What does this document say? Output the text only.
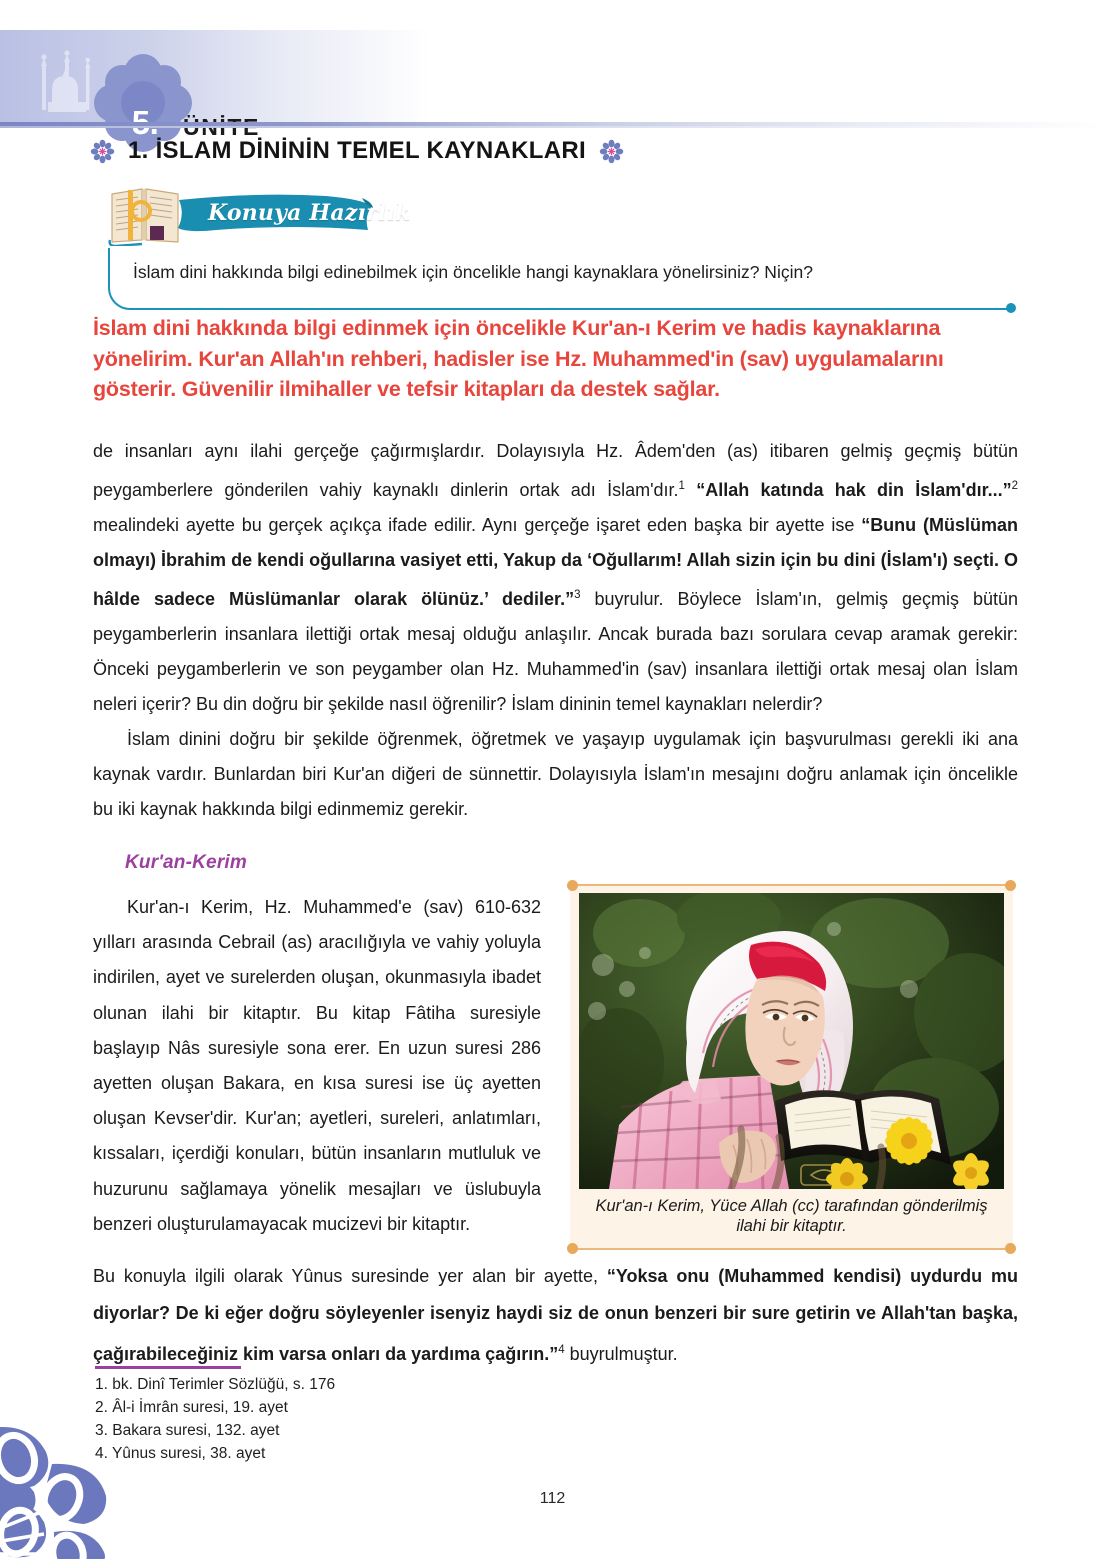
1. İSLAM DİNİNİN TEMEL KAYNAKLARI
Konuya Hazırlık
İslam dini hakkında bilgi edinebilmek için öncelikle hangi kaynaklara yönelirsiniz? Niçin?
İslam dini hakkında bilgi edinmek için öncelikle Kur'an-ı Kerim ve hadis kaynaklarına yönelirim. Kur'an Allah'ın rehberi, hadisler ise Hz. Muhammed'in (sav) uygulamalarını gösterir. Güvenilir ilmihaller ve tefsir kitapları da destek sağlar.
Bütün ilahi dinler tevhid inancını esas almış, gönderilen bütün peygamberler

de insanları aynı ilahi gerçeğe çağırmışlardır. Dolayısıyla Hz. Âdem'den (as) itibaren gelmiş geçmiş bütün peygamberlere gönderilen vahiy kaynaklı dinlerin ortak adı İslam'dır.$^1$ “Allah katında hak din İslam'dır...”$^2$ mealindeki ayette bu gerçek açıkça ifade edilir. Aynı gerçeğe işaret eden başka bir ayette ise “Bunu (Müslüman olmayı) İbrahim de kendi oğullarına vasiyet etti, Yakup da ‘Oğullarım! Allah sizin için bu dini (İslam'ı) seçti. O hâlde sadece Müslümanlar olarak ölünüz.’ dediler.”$^3$ buyrulur. Böylece İslam'ın, gelmiş geçmiş bütün peygamberlerin insanlara ilettiği ortak mesaj olduğu anlaşılır. Ancak burada bazı sorulara cevap aramak gerekir: Önceki peygamberlerin ve son peygamber olan Hz. Muhammed'in (sav) insanlara ilettiği ortak mesaj olan İslam neleri içerir? Bu din doğru bir şekilde nasıl öğrenilir? İslam dininin temel kaynakları nelerdir?

İslam dinini doğru bir şekilde öğrenmek, öğretmek ve yaşayıp uygulamak için başvurulması gerekli iki ana kaynak vardır. Bunlardan biri Kur'an diğeri de sünnettir. Dolayısıyla İslam'ın mesajını doğru anlamak için öncelikle bu iki kaynak hakkında bilgi edinmemiz gerekir.

Kur'an-Kerim

Kur'an-ı Kerim, Hz. Muhammed'e (sav) 610-632 yılları arasında Cebrail (as) aracılığıyla ve vahiy yoluyla indirilen, ayet ve surelerden oluşan, okunmasıyla ibadet olunan ilahi bir kitaptır. Bu kitap Fâtiha suresiyle başlayıp Nâs suresiyle sona erer. En uzun suresi 286 ayetten oluşan Bakara, en kısa suresi ise üç ayetten oluşan Kevser'dir. Kur'an; ayetleri, sureleri, anlatımları, kıssaları, içerdiği konuları, bütün insanların mutluluk ve huzurunu sağlamaya yönelik mesajları ve üslubuyla benzeri oluşturulamayacak mucizevi bir kitaptır.

Kur'an-ı Kerim, Yüce Allah (cc) tarafından gönderilmiş ilahi bir kitaptır.
Bu konuyla ilgili olarak Yûnus suresinde yer alan bir ayette, “Yoksa onu (Muhammed kendisi) uydurdu mu diyorlar? De ki eğer doğru söyleyenler isenyiz haydi siz de onun benzeri bir sure getirin ve Allah'tan başka, çağırabileceğiniz kim varsa onları da yardıma çağırın.”$^4$ buyrulmuştur.
1. bk. Dinî Terimler Sözlüğü, s. 176
2. Âl-i İmrân suresi, 19. ayet
3. Bakara suresi, 132. ayet
4. Yûnus suresi, 38. ayet
112
